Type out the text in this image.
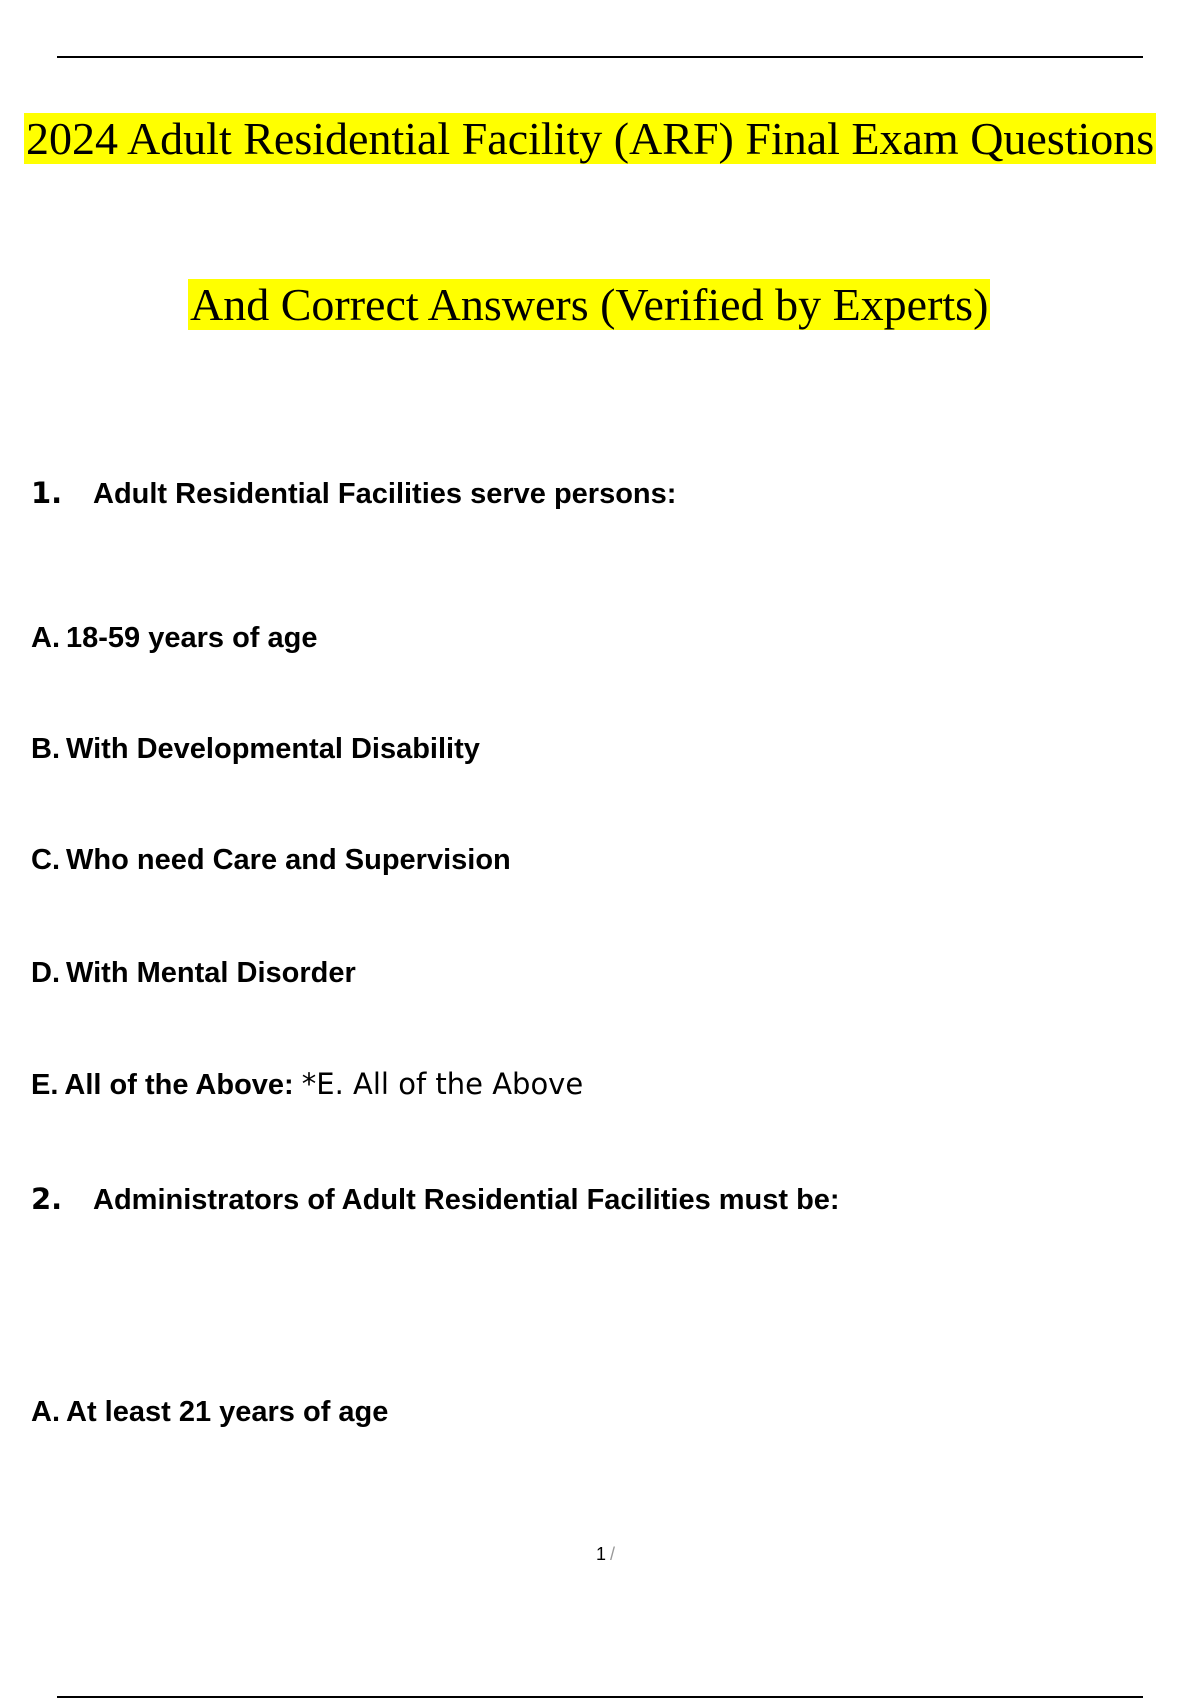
2024 Adult Residential Facility (ARF) Final Exam Questions
And Correct Answers (Verified by Experts)
1. Adult Residential Facilities serve persons:
A. 18-59 years of age
B. With Developmental Disability
C. Who need Care and Supervision
D. With Mental Disorder
E. All of the Above: *E. All of the Above
2. Administrators of Adult Residential Facilities must be:
A. At least 21 years of age
1 /
